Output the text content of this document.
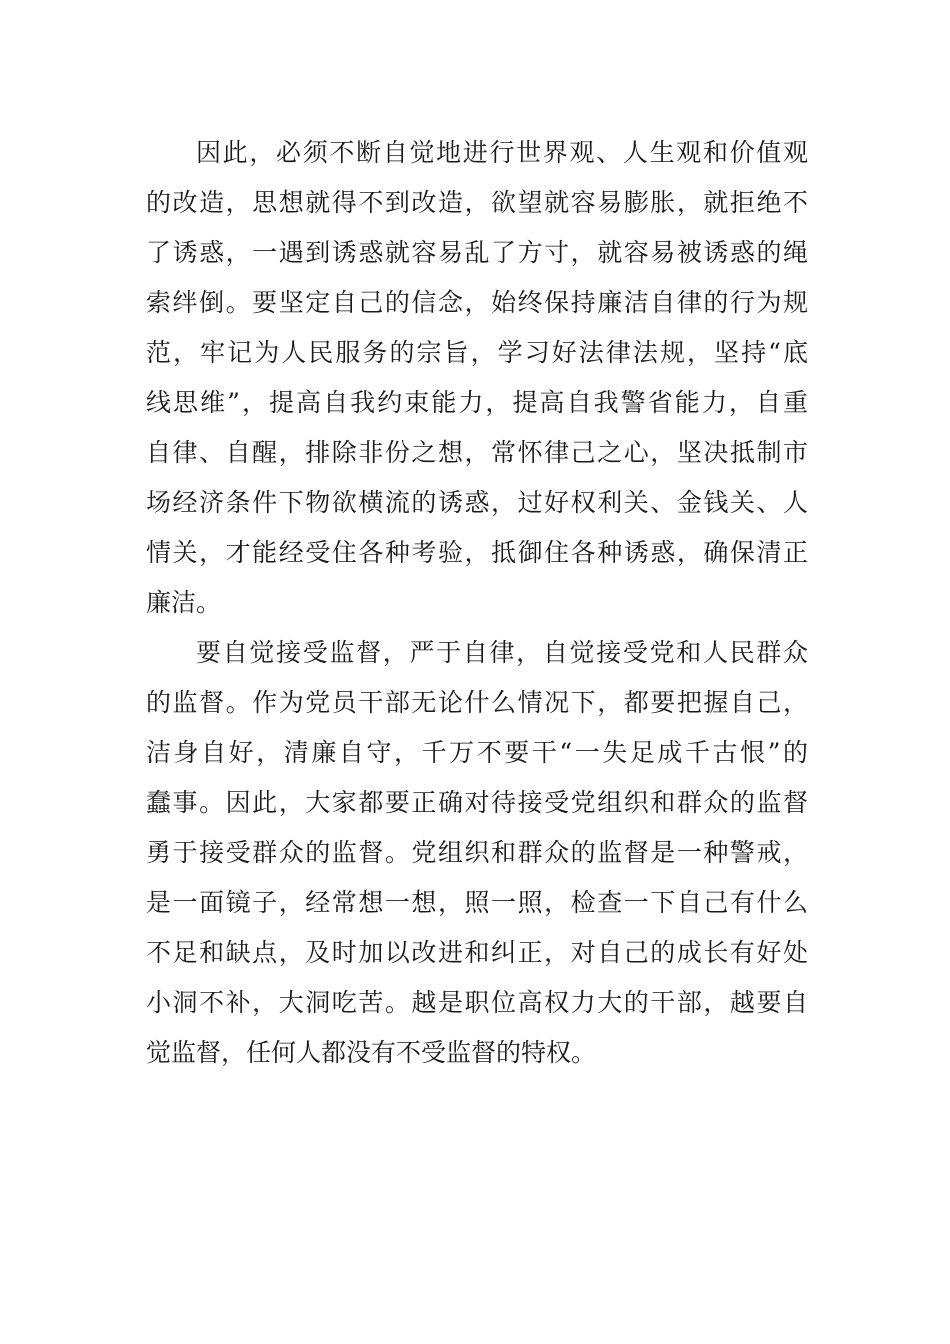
因此，必须不断自觉地进行世界观、人生观和价值观
的改造，思想就得不到改造，欲望就容易膨胀，就拒绝不
了诱惑，一遇到诱惑就容易乱了方寸，就容易被诱惑的绳
索绊倒。要坚定自己的信念，始终保持廉洁自律的行为规
范，牢记为人民服务的宗旨，学习好法律法规，坚持“底
线思维”，提高自我约束能力，提高自我警省能力，自重
自律、自醒，排除非份之想，常怀律己之心，坚决抵制市
场经济条件下物欲横流的诱惑，过好权利关、金钱关、人
情关，才能经受住各种考验，抵御住各种诱惑，确保清正
廉洁。
要自觉接受监督，严于自律，自觉接受党和人民群众
的监督。作为党员干部无论什么情况下，都要把握自己，
洁身自好，清廉自守，千万不要干“一失足成千古恨”的
蠢事。因此，大家都要正确对待接受党组织和群众的监督
勇于接受群众的监督。党组织和群众的监督是一种警戒，
是一面镜子，经常想一想，照一照，检查一下自己有什么
不足和缺点，及时加以改进和纠正，对自己的成长有好处
小洞不补，大洞吃苦。越是职位高权力大的干部，越要自
觉监督，任何人都没有不受监督的特权。
